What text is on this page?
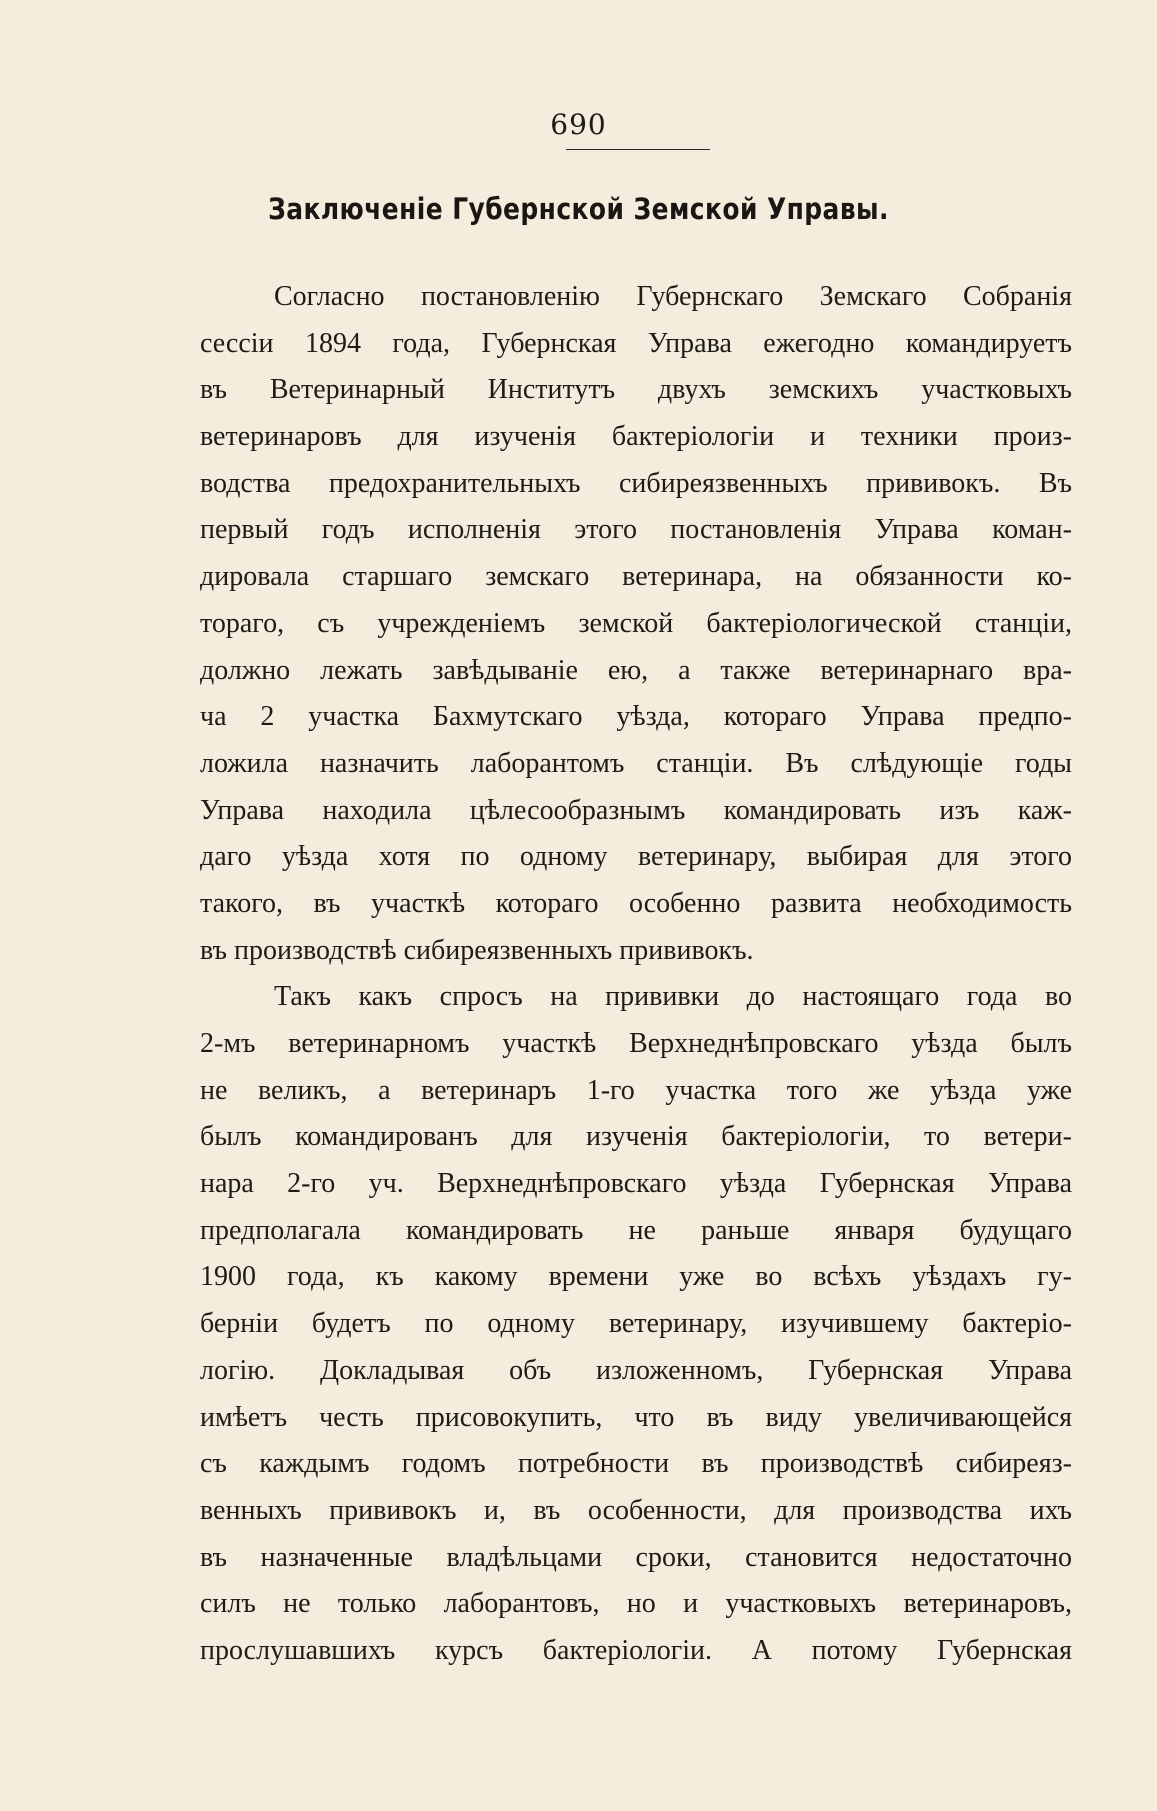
690
Заключеніе Губернской Земской Управы.
Согласно постановленію Губернскаго Земскаго Собранія
сессіи 1894 года, Губернская Управа ежегодно командируетъ
въ Ветеринарный Институтъ двухъ земскихъ участковыхъ
ветеринаровъ для изученія бактеріологіи и техники произ-
водства предохранительныхъ сибиреязвенныхъ прививокъ. Въ
первый годъ исполненія этого постановленія Управа коман-
дировала старшаго земскаго ветеринара, на обязанности ко-
тораго, съ учрежденіемъ земской бактеріологической станціи,
должно лежать завѣдываніе ею, а также ветеринарнаго вра-
ча 2 участка Бахмутскаго уѣзда, котораго Управа предпо-
ложила назначить лаборантомъ станціи. Въ слѣдующіе годы
Управа находила цѣлесообразнымъ командировать изъ каж-
даго уѣзда хотя по одному ветеринару, выбирая для этого
такого, въ участкѣ котораго особенно развита необходимость
въ производствѣ сибиреязвенныхъ прививокъ.
Такъ какъ спросъ на прививки до настоящаго года во
2-мъ ветеринарномъ участкѣ Верхнеднѣпровскаго уѣзда былъ
не великъ, а ветеринаръ 1-го участка того же уѣзда уже
былъ командированъ для изученія бактеріологіи, то ветери-
нара 2-го уч. Верхнеднѣпровскаго уѣзда Губернская Управа
предполагала командировать не раньше января будущаго
1900 года, къ какому времени уже во всѣхъ уѣздахъ гу-
берніи будетъ по одному ветеринару, изучившему бактеріо-
логію. Докладывая объ изложенномъ, Губернская Управа
имѣетъ честь присовокупить, что въ виду увеличивающейся
съ каждымъ годомъ потребности въ производствѣ сибиреяз-
венныхъ прививокъ и, въ особенности, для производства ихъ
въ назначенные владѣльцами сроки, становится недостаточно
силъ не только лаборантовъ, но и участковыхъ ветеринаровъ,
прослушавшихъ курсъ бактеріологіи. А потому Губернская
